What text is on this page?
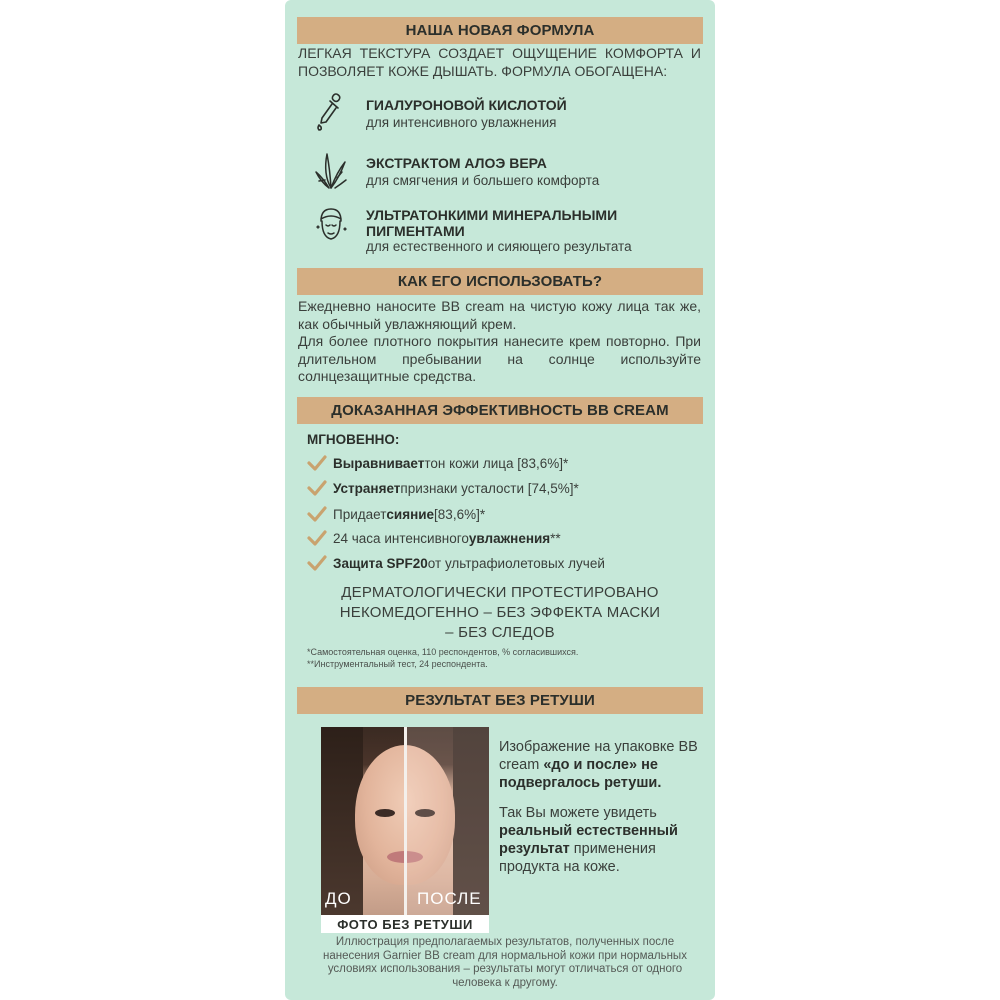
НАША НОВАЯ ФОРМУЛА
ЛЕГКАЯ ТЕКСТУРА СОЗДАЕТ ОЩУЩЕНИЕ КОМФОРТА И ПОЗВОЛЯЕТ КОЖЕ ДЫШАТЬ. ФОРМУЛА ОБОГАЩЕНА:
ГИАЛУРОНОВОЙ КИСЛОТОЙ
для интенсивного увлажнения
ЭКСТРАКТОМ АЛОЭ ВЕРА
для смягчения и большего комфорта
УЛЬТРАТОНКИМИ МИНЕРАЛЬНЫМИ ПИГМЕНТАМИ
для естественного и сияющего результата
КАК ЕГО ИСПОЛЬЗОВАТЬ?

Ежедневно наносите BB cream на чистую кожу лица так же, как обычный увлажняющий крем.

Для более плотного покрытия нанесите крем повторно. При длительном пребывании на солнце используйте солнцезащитные средства.

ДОКАЗАННАЯ ЭФФЕКТИВНОСТЬ BB CREAM
МГНОВЕННО:
Выравнивает тон кожи лица [83,6%]*
Устраняет признаки усталости [74,5%]*
Придает сияние [83,6%]*
24 часа интенсивного увлажнения **
Защита SPF20 от ультрафиолетовых лучей
ДЕРМАТОЛОГИЧЕСКИ ПРОТЕСТИРОВАНО
НЕКОМЕДОГЕННО – БЕЗ ЭФФЕКТА МАСКИ
– БЕЗ СЛЕДОВ
*Самостоятельная оценка, 110 респондентов, % согласившихся.
**Инструментальный тест, 24 респондента.
РЕЗУЛЬТАТ БЕЗ РЕТУШИ
ДО	ПОСЛЕ
ФОТО БЕЗ РЕТУШИ

Изображение на упаковке BB cream «до и после» не подвергалось ретуши.

Так Вы можете увидеть реальный естественный результат применения продукта на коже.

Иллюстрация предполагаемых результатов, полученных после нанесения Garnier BB cream для нормальной кожи при нормальных условиях использования – результаты могут отличаться от одного человека к другому.
